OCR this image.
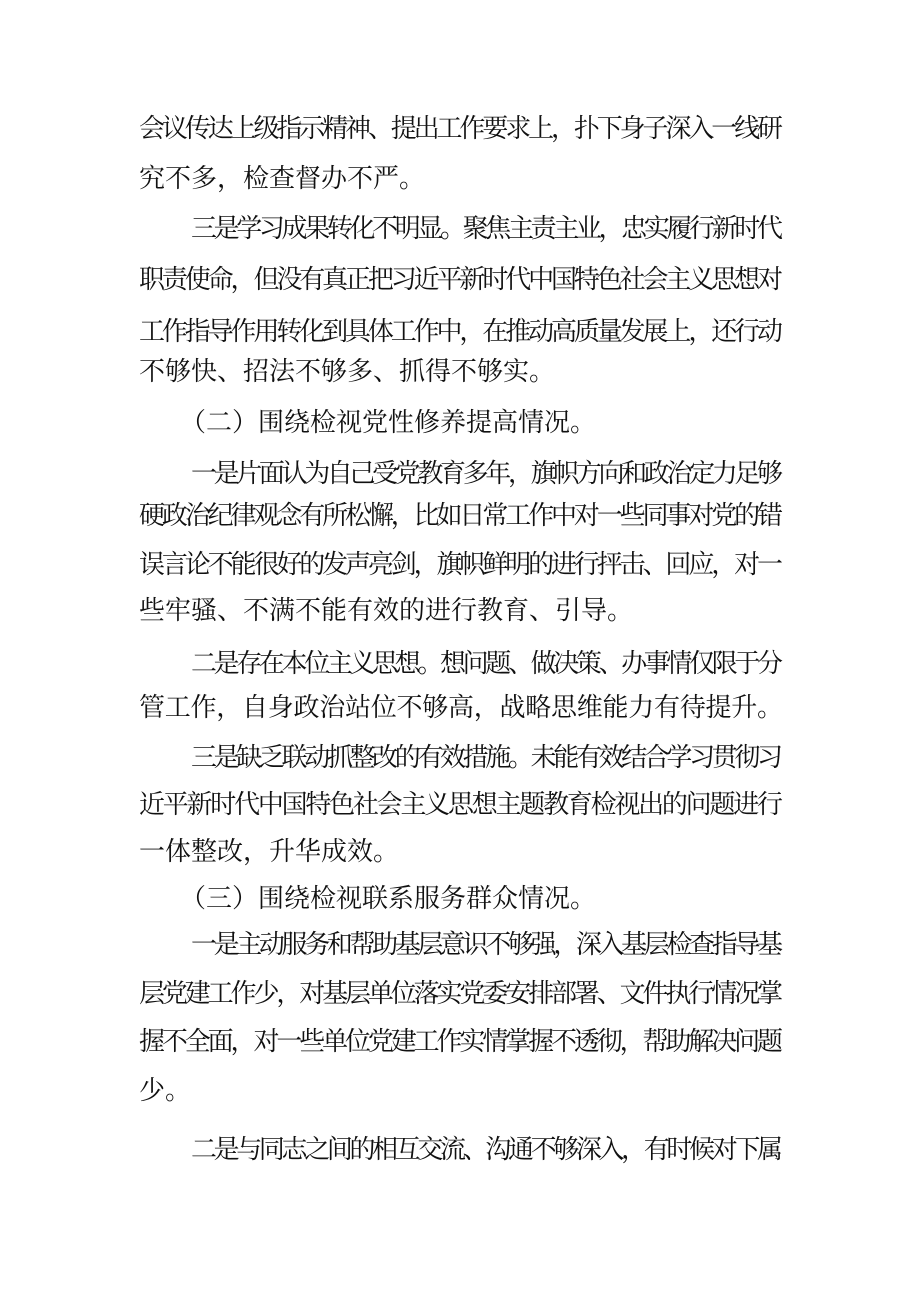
会议传达上级指示精神、提出工作要求上，扑下身子深入一线研
究不多，检查督办不严。
三是学习成果转化不明显。聚焦主责主业，忠实履行新时代
职责使命，但没有真正把习近平新时代中国特色社会主义思想对
工作指导作用转化到具体工作中，在推动高质量发展上，还行动
不够快、招法不够多、抓得不够实。
（二）围绕检视党性修养提高情况。
一是片面认为自己受党教育多年，旗帜方向和政治定力足够
硬政治纪律观念有所松懈，比如日常工作中对一些同事对党的错
误言论不能很好的发声亮剑，旗帜鲜明的进行抨击、回应，对一
些牢骚、不满不能有效的进行教育、引导。
二是存在本位主义思想。想问题、做决策、办事情仅限于分
管工作，自身政治站位不够高，战略思维能力有待提升。
三是缺乏联动抓整改的有效措施。未能有效结合学习贯彻习
近平新时代中国特色社会主义思想主题教育检视出的问题进行
一体整改，升华成效。
（三）围绕检视联系服务群众情况。
一是主动服务和帮助基层意识不够强，深入基层检查指导基
层党建工作少，对基层单位落实党委安排部署、文件执行情况掌
握不全面，对一些单位党建工作实情掌握不透彻，帮助解决问题
少。
二是与同志之间的相互交流、沟通不够深入，有时候对下属
